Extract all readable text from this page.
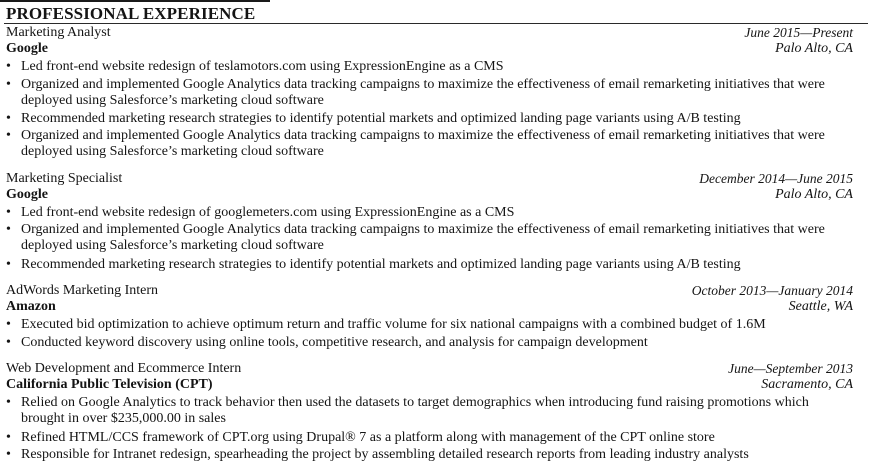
PROFESSIONAL EXPERIENCE
Marketing Analyst	June 2015—Present
Google	Palo Alto, CA
• Led front-end website redesign of teslamotors.com using ExpressionEngine as a CMS
• Organized and implemented Google Analytics data tracking campaigns to maximize the effectiveness of email remarketing initiatives that were deployed using Salesforce’s marketing cloud software
• Recommended marketing research strategies to identify potential markets and optimized landing page variants using A/B testing
• Organized and implemented Google Analytics data tracking campaigns to maximize the effectiveness of email remarketing initiatives that were deployed using Salesforce’s marketing cloud software
Marketing Specialist	December 2014—June 2015
Google	Palo Alto, CA
• Led front-end website redesign of googlemeters.com using ExpressionEngine as a CMS
• Organized and implemented Google Analytics data tracking campaigns to maximize the effectiveness of email remarketing initiatives that were deployed using Salesforce’s marketing cloud software
• Recommended marketing research strategies to identify potential markets and optimized landing page variants using A/B testing
AdWords Marketing Intern	October 2013—January 2014
Amazon	Seattle, WA
• Executed bid optimization to achieve optimum return and traffic volume for six national campaigns with a combined budget of 1.6M
• Conducted keyword discovery using online tools, competitive research, and analysis for campaign development
Web Development and Ecommerce Intern	June—September 2013
California Public Television (CPT)	Sacramento, CA
• Relied on Google Analytics to track behavior then used the datasets to target demographics when introducing fund raising promotions which brought in over $235,000.00 in sales
• Refined HTML/CCS framework of CPT.org using Drupal® 7 as a platform along with management of the CPT online store
• Responsible for Intranet redesign, spearheading the project by assembling detailed research reports from leading industry analysts
